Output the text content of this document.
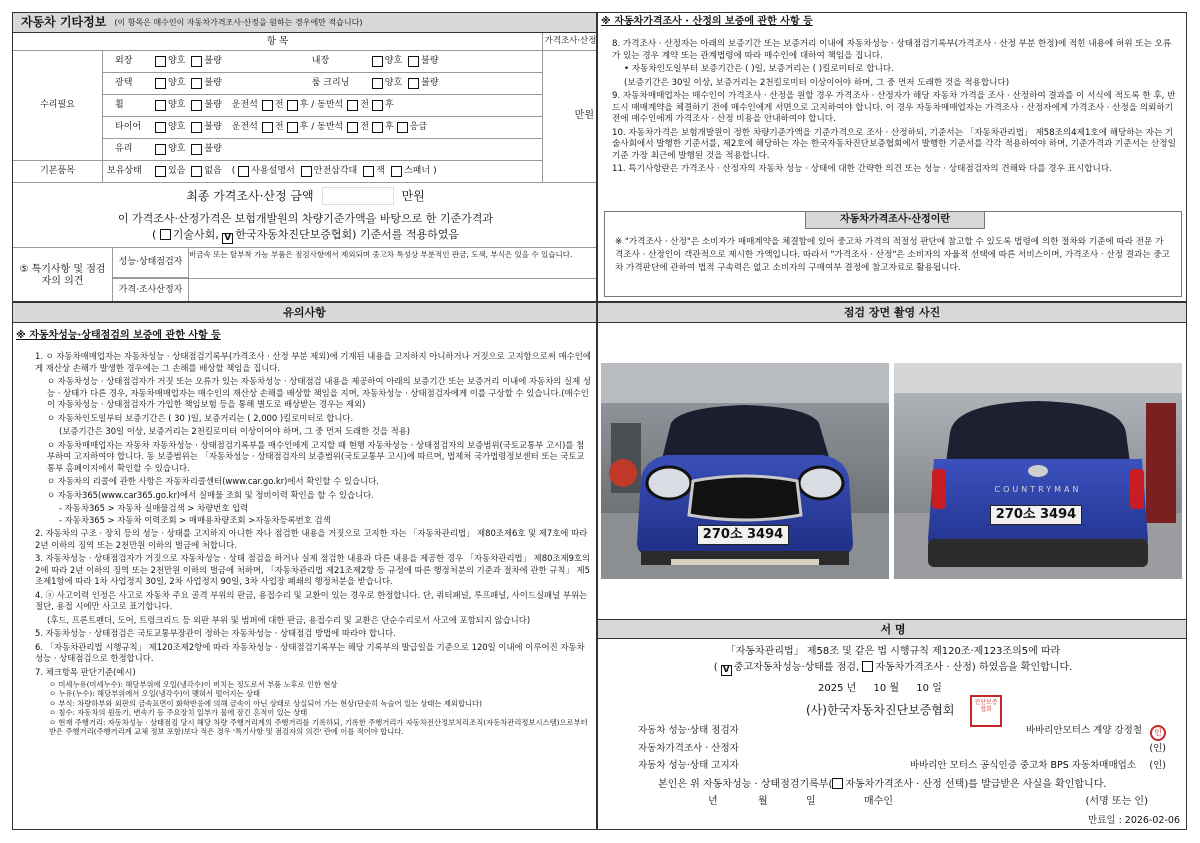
자동차 기타정보 (이 항목은 매수인이 자동차가격조사·산정을 원하는 경우에만 적습니다)
항 목	가격조사·산정
수리필요
외장	양호 불량	내장	양호 불량
광택	양호 불량	룸 크리닝	양호 불량
휠	양호 불량 운전석 전 후 / 동반석 전 후
타이어	양호 불량 운전석 전 후 / 동반석 전 후 응급
유리	양호 불량
만원
기본품목	보유상태	있음 없음 ( 사용설명서 안전삼각대 잭 스패너 )
최종 가격조사·산정 금액	만원
이 가격조사·산정가격은 보험개발원의 차량기준가액을 바탕으로 한 기준가격과
( 기술사회, V 한국자동차진단보증협회) 기준서를 적용하였음
⑤ 특기사항 및 점검자의 의견
성능·상태점검자
비금속 또는 탈부착 가능 부품은 점검사항에서 제외되며 중고차 특성상 부분적인 판금, 도색, 부식은 있을 수 있습니다.
가격·조사산정자
※ 자동차가격조사 · 산정의 보증에 관한 사항 등
8. 가격조사 · 산정자는 아래의 보증기간 또는 보증거리 이내에 자동차성능 · 상태점검기록부(가격조사 · 산정 부분 한정)에 적힌 내용에 허위 또는 오류가 있는 경우 계약 또는 관계법령에 따라 매수인에 대하여 책임을 집니다.
• 자동차인도일부터 보증기간은 ( )일, 보증거리는 ( )킬로미터로 합니다.
(보증기간은 30일 이상, 보증거리는 2천킬로미터 이상이어야 하며, 그 중 먼저 도래한 것을 적용합니다)
9. 자동차매매업자는 매수인이 가격조사 · 산정을 원할 경우 가격조사 · 산정자가 해당 자동차 가격을 조사 · 산정하여 결과를 이 서식에 적도록 한 후, 반드시 매매계약을 체결하기 전에 매수인에게 서면으로 고지하여야 합니다. 이 경우 자동차매매업자는 가격조사 · 산정자에게 가격조사 · 산정을 의뢰하기 전에 매수인에게 가격조사 · 산정 비용을 안내하여야 합니다.
10. 자동차가격은 보험개발원이 정한 차량기준가액을 기준가격으로 조사 · 산정하되, 기준서는 「자동차관리법」 제58조의4제1호에 해당하는 자는 기술사회에서 발행한 기준서를, 제2호에 해당하는 자는 한국자동차진단보증협회에서 발행한 기준서를 각각 적용하여야 하며, 기준가격과 기준서는 산정일 기준 가장 최근에 발행된 것을 적용합니다.
11. 특기사항란은 가격조사 · 산정자의 자동차 성능 · 상태에 대한 간략한 의견 또는 성능 · 상태점검자의 견해와 다를 경우 표시합니다.
자동차가격조사·산정이란
※ "가격조사 · 산정"은 소비자가 매매계약을 체결함에 있어 중고차 가격의 적절성 판단에 참고할 수 있도록 법령에 의한 절차와 기준에 따라 전문 가격조사 · 산정인이 객관적으로 제시한 가액입니다. 따라서 "가격조사 · 산정"은 소비자의 자율적 선택에 따른 서비스이며, 가격조사 · 산정 결과는 중고차 가격판단에 관하여 법적 구속력은 없고 소비자의 구매여부 결정에 참고자료로 활용됩니다.
유의사항
※ 자동차성능·상태점검의 보증에 관한 사항 등
1. ㅇ 자동차매매업자는 자동차성능 · 상태점검기록부(가격조사 · 산정 부분 제외)에 기재된 내용을 고지하지 아니하거나 거짓으로 고지함으로써 매수인에게 재산상 손해가 발생한 경우에는 그 손해를 배상할 책임을 집니다.
ㅇ 자동차성능 · 상태점검자가 거짓 또는 오류가 있는 자동차성능 · 상태점검 내용을 제공하여 아래의 보증기간 또는 보증거리 이내에 자동차의 실제 성능 · 상태가 다른 경우, 자동차매매업자는 매수인의 재산상 손해를 배상할 책임을 지며, 자동차성능 · 상태점검자에게 이를 구상할 수 있습니다.(매수인이 자동차성능 · 상태점검자가 가입한 책임보험 등을 통해 별도로 배상받는 경우는 제외)
ㅇ 자동차인도일부터 보증기간은 ( 30 )일, 보증거리는 ( 2,000 )킬로미터로 합니다.
(보증기간은 30일 이상, 보증거리는 2천킬로미터 이상이어야 하며, 그 중 먼저 도래한 것을 적용)
ㅇ 자동차매매업자는 자동차 자동차성능 · 상태점검기록부를 매수인에게 고지할 때 현행 자동차성능 · 상태점검자의 보증범위(국토교통부 고시)를 첨부하여 고지하여야 합니다. 동 보증범위는 「자동차성능 · 상태점검자의 보증범위(국토교통부 고시)에 따르며, 법제처 국가법령정보센터 또는 국토교통부 홈페이지에서 확인할 수 있습니다.
ㅇ 자동차의 리콜에 관한 사항은 자동차리콜센터(www.car.go.kr)에서 확인할 수 있습니다.
ㅇ 자동차365(www.car365.go.kr)에서 실매물 조회 및 정비이력 확인을 할 수 있습니다.
- 자동차365 > 자동차 실매물검색 > 차량번호 입력
- 자동차365 > 자동차 이력조회 > 매매용차량조회 >자동차등록번호 검색
2. 자동차의 구조 · 장치 등의 성능 · 상태를 고지하지 아니한 자나 점검한 내용을 거짓으로 고지한 자는 「자동차관리법」 제80조제6호 및 제7호에 따라 2년 이하의 징역 또는 2천만원 이하의 벌금에 처합니다.
3. 자동차성능 · 상태점검자가 거짓으로 자동차성능 · 상태 점검을 하거나 실제 점검한 내용과 다른 내용을 제공한 경우 「자동차관리법」 제80조제9호의2에 따라 2년 이하의 징역 또는 2천만원 이하의 벌금에 처하며, 「자동차관리법 제21조제2항 등 규정에 따른 행정처분의 기준과 절차에 관한 규칙」 제5조제1항에 따라 1차 사업정지 30일, 2차 사업정지 90일, 3차 사업장 폐쇄의 행정처분을 받습니다.
4. ⓐ 사고이력 인정은 사고로 자동차 주요 골격 부위의 판금, 용접수리 및 교환이 있는 경우로 한정합니다. 단, 쿼터패널, 루프패널, 사이드실패널 부위는 절단, 용접 시에만 사고로 표기합니다.
(후드, 프론트펜더, 도어, 트렁크리드 등 외판 부위 및 범퍼에 대한 판금, 용접수리 및 교환은 단순수리로서 사고에 포함되지 않습니다)
5. 자동차성능 · 상태점검은 국토교통부장관이 정하는 자동차성능 · 상태점검 방법에 따라야 합니다.
6. 「자동차관리법 시행규칙」 제120조제2항에 따라 자동차성능 · 상태점검기록부는 해당 기록부의 발급일을 기준으로 120일 이내에 이루어진 자동차 성능 · 상태점검으로 한정합니다.
7. 체크항목 판단기준(예시)
ㅇ 미세누유(미세누수): 해당부위에 오일(냉각수)이 비치는 정도로서 부품 노후로 인한 현상
ㅇ 누유(누수): 해당부위에서 오일(냉각수)이 맺혀서 떨어지는 상태
ㅇ 부식: 차량하부와 외판의 금속표면이 화학반응에 의해 금속이 아닌 상태로 상실되어 가는 현상(단순히 녹슬어 있는 상태는 제외합니다)
ㅇ 침수: 자동차의 원동기, 변속기 등 주요장치 일부가 물에 잠긴 흔적이 있는 상태
ㅇ 현재 주행거리: 자동차성능 · 상태점검 당시 해당 차량 주행거리계의 주행거리를 기록하되, 기록한 주행거리가 자동차전산정보처리조직(자동차관리정보시스템)으로부터 받은 주행거리(주행거리계 교체 정보 포함)보다 적은 경우 '특기사항 및 점검자의 의견' 란에 이를 적어야 합니다.
점검 장면 촬영 사진
270소 3494
COUNTRYMAN
270소 3494
서 명
「자동차관리법」 제58조 및 같은 법 시행규칙 제120조·제123조의5에 따라
( V 중고자동차성능·상태를 점검, 자동차가격조사 · 산정) 하였음을 확인합니다.
2025 년 10 월 10 일
(사)한국자동차진단보증협회
진단보증협회
자동차 성능·상태 점검자	바바리안모터스 계양 강정철	인
자동차가격조사 · 산정자	(인)
자동차 성능·상태 고지자	바바리안 모터스 공식인증 중고차 BPS 자동차매매업소	(인)
본인은 위 자동차성능 · 상태점검기록부( 자동차가격조사 · 산정 선택)를 발급받은 사실을 확인합니다.
년	월	일	매수인	(서명 또는 인)
만료일 : 2026-02-06
